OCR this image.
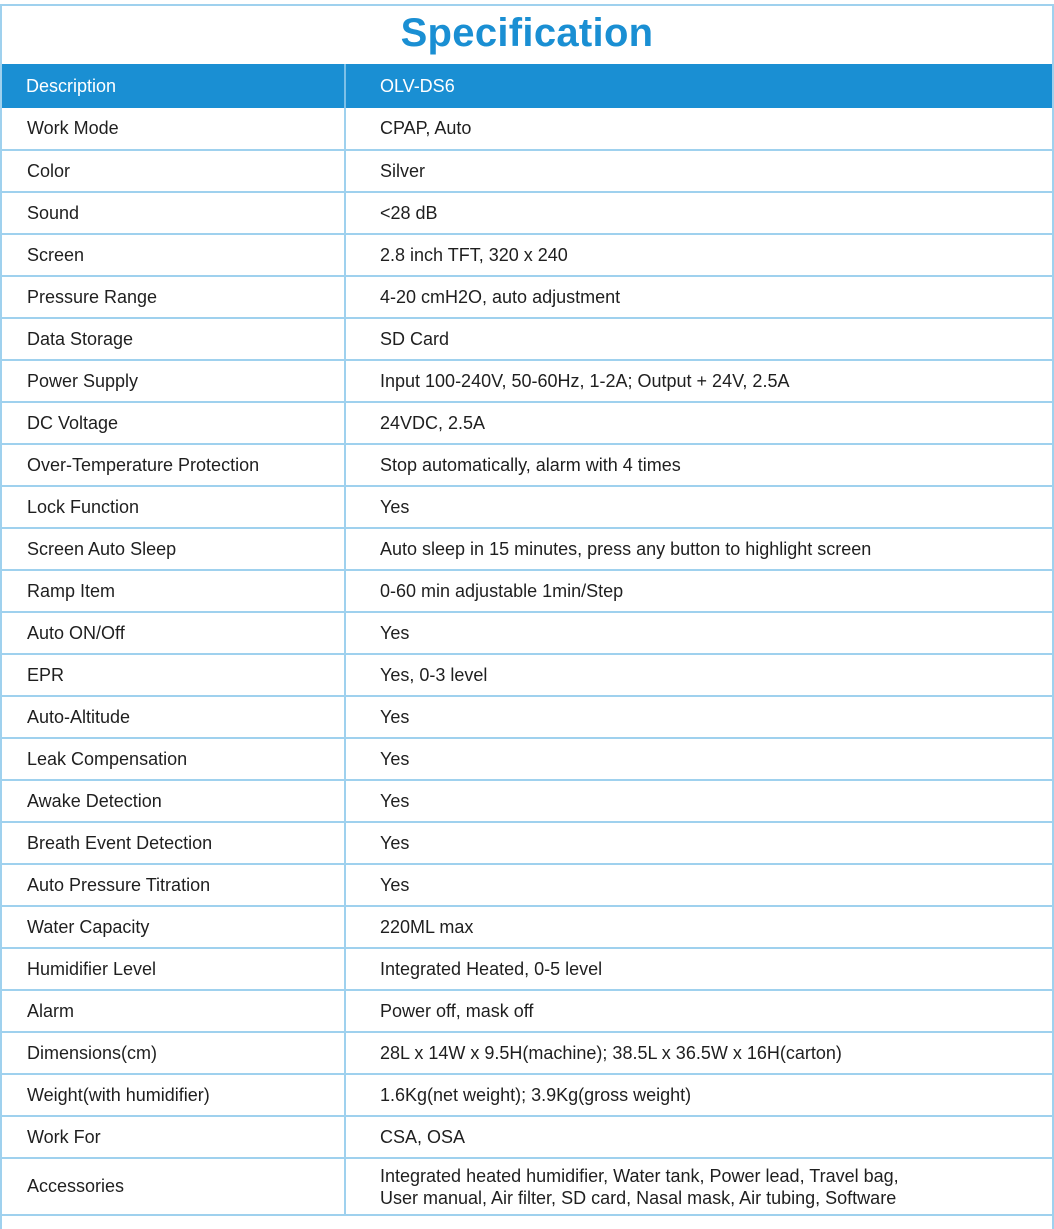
Specification
Description	OLV-DS6
Work Mode	CPAP, Auto
Color	Silver
Sound	<28 dB
Screen	2.8 inch TFT, 320 x 240
Pressure Range	4-20 cmH2O, auto adjustment
Data Storage	SD Card
Power Supply	Input 100-240V, 50-60Hz, 1-2A; Output + 24V, 2.5A
DC Voltage	24VDC, 2.5A
Over-Temperature Protection	Stop automatically, alarm with 4 times
Lock Function	Yes
Screen Auto Sleep	Auto sleep in 15 minutes, press any button to highlight screen
Ramp Item	0-60 min adjustable 1min/Step
Auto ON/Off	Yes
EPR	Yes, 0-3 level
Auto-Altitude	Yes
Leak Compensation	Yes
Awake Detection	Yes
Breath Event Detection	Yes
Auto Pressure Titration	Yes
Water Capacity	220ML max
Humidifier Level	Integrated Heated, 0-5 level
Alarm	Power off, mask off
Dimensions(cm)	28L x 14W x 9.5H(machine); 38.5L x 36.5W x 16H(carton)
Weight(with humidifier)	1.6Kg(net weight); 3.9Kg(gross weight)
Work For	CSA, OSA
Accessories	Integrated heated humidifier, Water tank, Power lead, Travel bag,
User manual, Air filter, SD card, Nasal mask, Air tubing, Software
